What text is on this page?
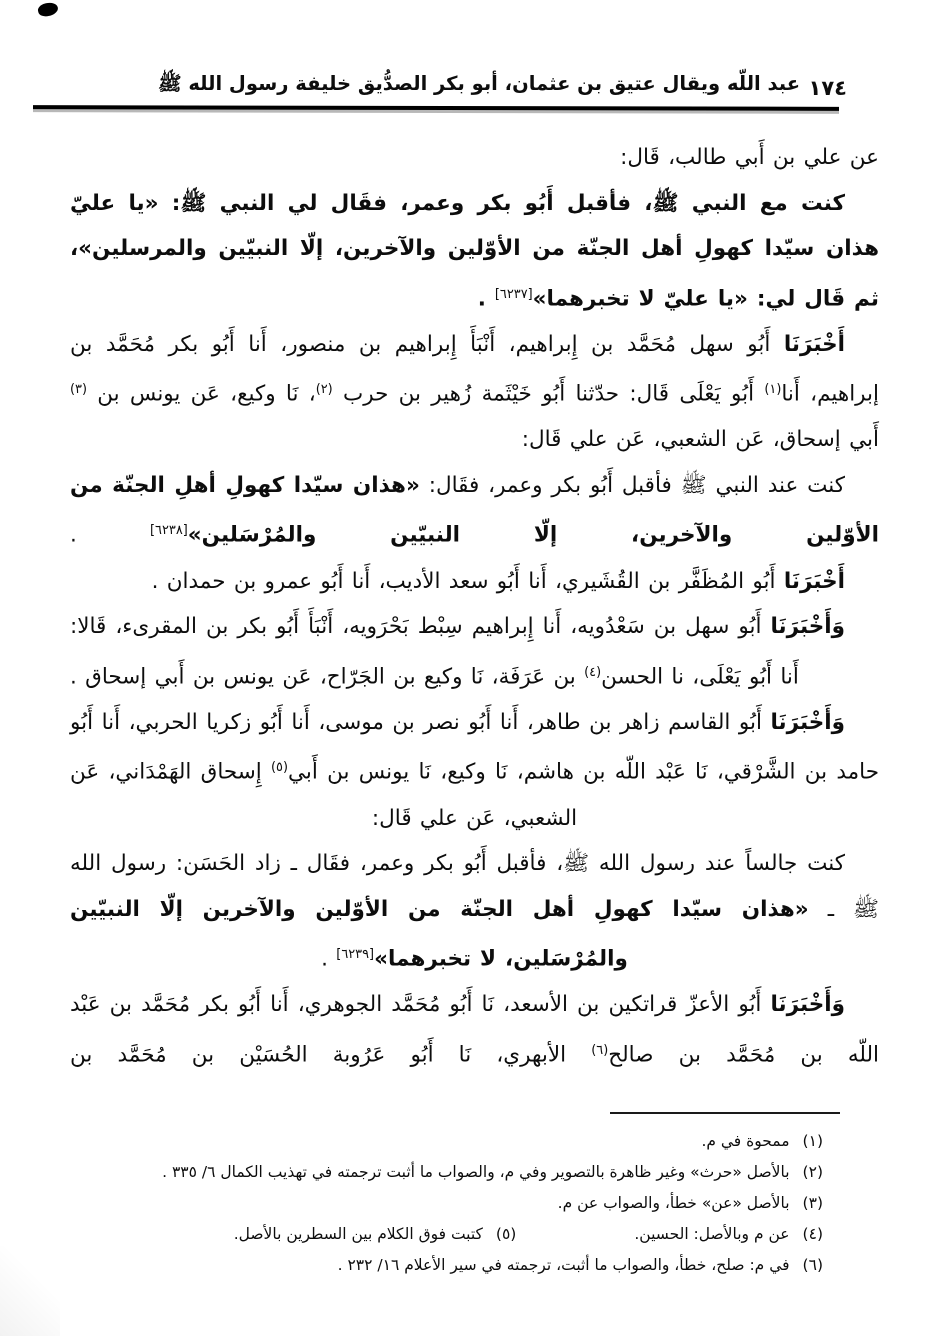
عبد اللّه ويقال عتيق بن عثمان، أبو بكر الصدُّيق خليفة رسول الله ﷺ ١٧٤

عن علي بن أَبي طالب، قَال:

كنت مع النبي ﷺ، فأقبل أَبُو بكر وعمر، فقَال لي النبي ﷺ: «يا عليّ هذان سيّدا كهولِ أهل الجنّة من الأوّلين والآخرين، إلّا النبيّين والمرسلين»، ثم قَال لي: «يا عليّ لا تخبرهما»[٦٢٣٧] .

أَخْبَرَنَا أَبُو سهل مُحَمَّد بن إِبراهيم، أَنْبَأَ إِبراهيم بن منصور، أَنا أَبُو بكر مُحَمَّد بن إبراهيم، أَنا$^{(١)}$ أَبُو يَعْلَى قَال: حدّثنا أَبُو خَيْثَمة زُهير بن حرب $^{(٢)}$، نَا وكيع، عَن يونس بن $^{(٣)}$ أَبي إسحاق، عَن الشعبي، عَن علي قَال:

كنت عند النبي ﷺ فأقبل أَبُو بكر وعمر، فقَال: «هذان سيّدا كهولِ أهلِ الجنّة من الأوّلين والآخرين، إلّا النبيّين والمُرْسَلين»[٦٢٣٨] .

أَخْبَرَنَا أَبُو المُظَفَّر بن القُشَيري، أَنا أَبُو سعد الأديب، أَنا أَبُو عمرو بن حمدان .

وَأَخْبَرَنَا أَبُو سهل بن سَعْدُويه، أَنا إِبراهيم سِبْط بَحْرَويه، أَنْبَأَ أَبُو بكر بن المقرىء، قَالا: أَنا أَبُو يَعْلَى، نا الحسن$^{(٤)}$ بن عَرَفَة، نَا وكيع بن الجَرّاح، عَن يونس بن أَبي إسحاق .

وَأَخْبَرَنَا أَبُو القاسم زاهر بن طاهر، أَنا أَبُو نصر بن موسى، أَنا أَبُو زكريا الحربي، أَنا أَبُو حامد بن الشَّرْقي، نَا عَبْد اللّه بن هاشم، نَا وكيع، نَا يونس بن أَبي$^{(٥)}$ إِسحاق الهَمْدَاني، عَن الشعبي، عَن علي قَال:

كنت جالساً عند رسول الله ﷺ، فأقبل أَبُو بكر وعمر، فقَال ـ زاد الحَسَن: رسول الله ﷺ ـ «هذان سيّدا كهولِ أهل الجنّة من الأوّلين والآخرين إلّا النبيّين والمُرْسَلين، لا تخبرهما»[٦٢٣٩] .

وَأَخْبَرَنَا أَبُو الأعزّ قراتكين بن الأسعد، نَا أَبُو مُحَمَّد الجوهري، أَنا أَبُو بكر مُحَمَّد بن عَبْد اللّه بن مُحَمَّد بن صالح$^{(٦)}$ الأبهري، نَا أَبُو عَرُوبة الحُسَيْن بن مُحَمَّد بن

(١)ممحوة في م.
(٢)بالأصل «حرث» وغير ظاهرة بالتصوير وفي م، والصواب ما أثبت ترجمته في تهذيب الكمال ٦/ ٣٣٥ .
(٣)بالأصل «عن» خطأ، والصواب عن م.
(٤)عن م وبالأصل: الحسين.
(٥)كتبت فوق الكلام بين السطرين بالأصل.
(٦)في م: صلح، خطأ، والصواب ما أثبت، ترجمته في سير الأعلام ١٦/ ٢٣٢ .
